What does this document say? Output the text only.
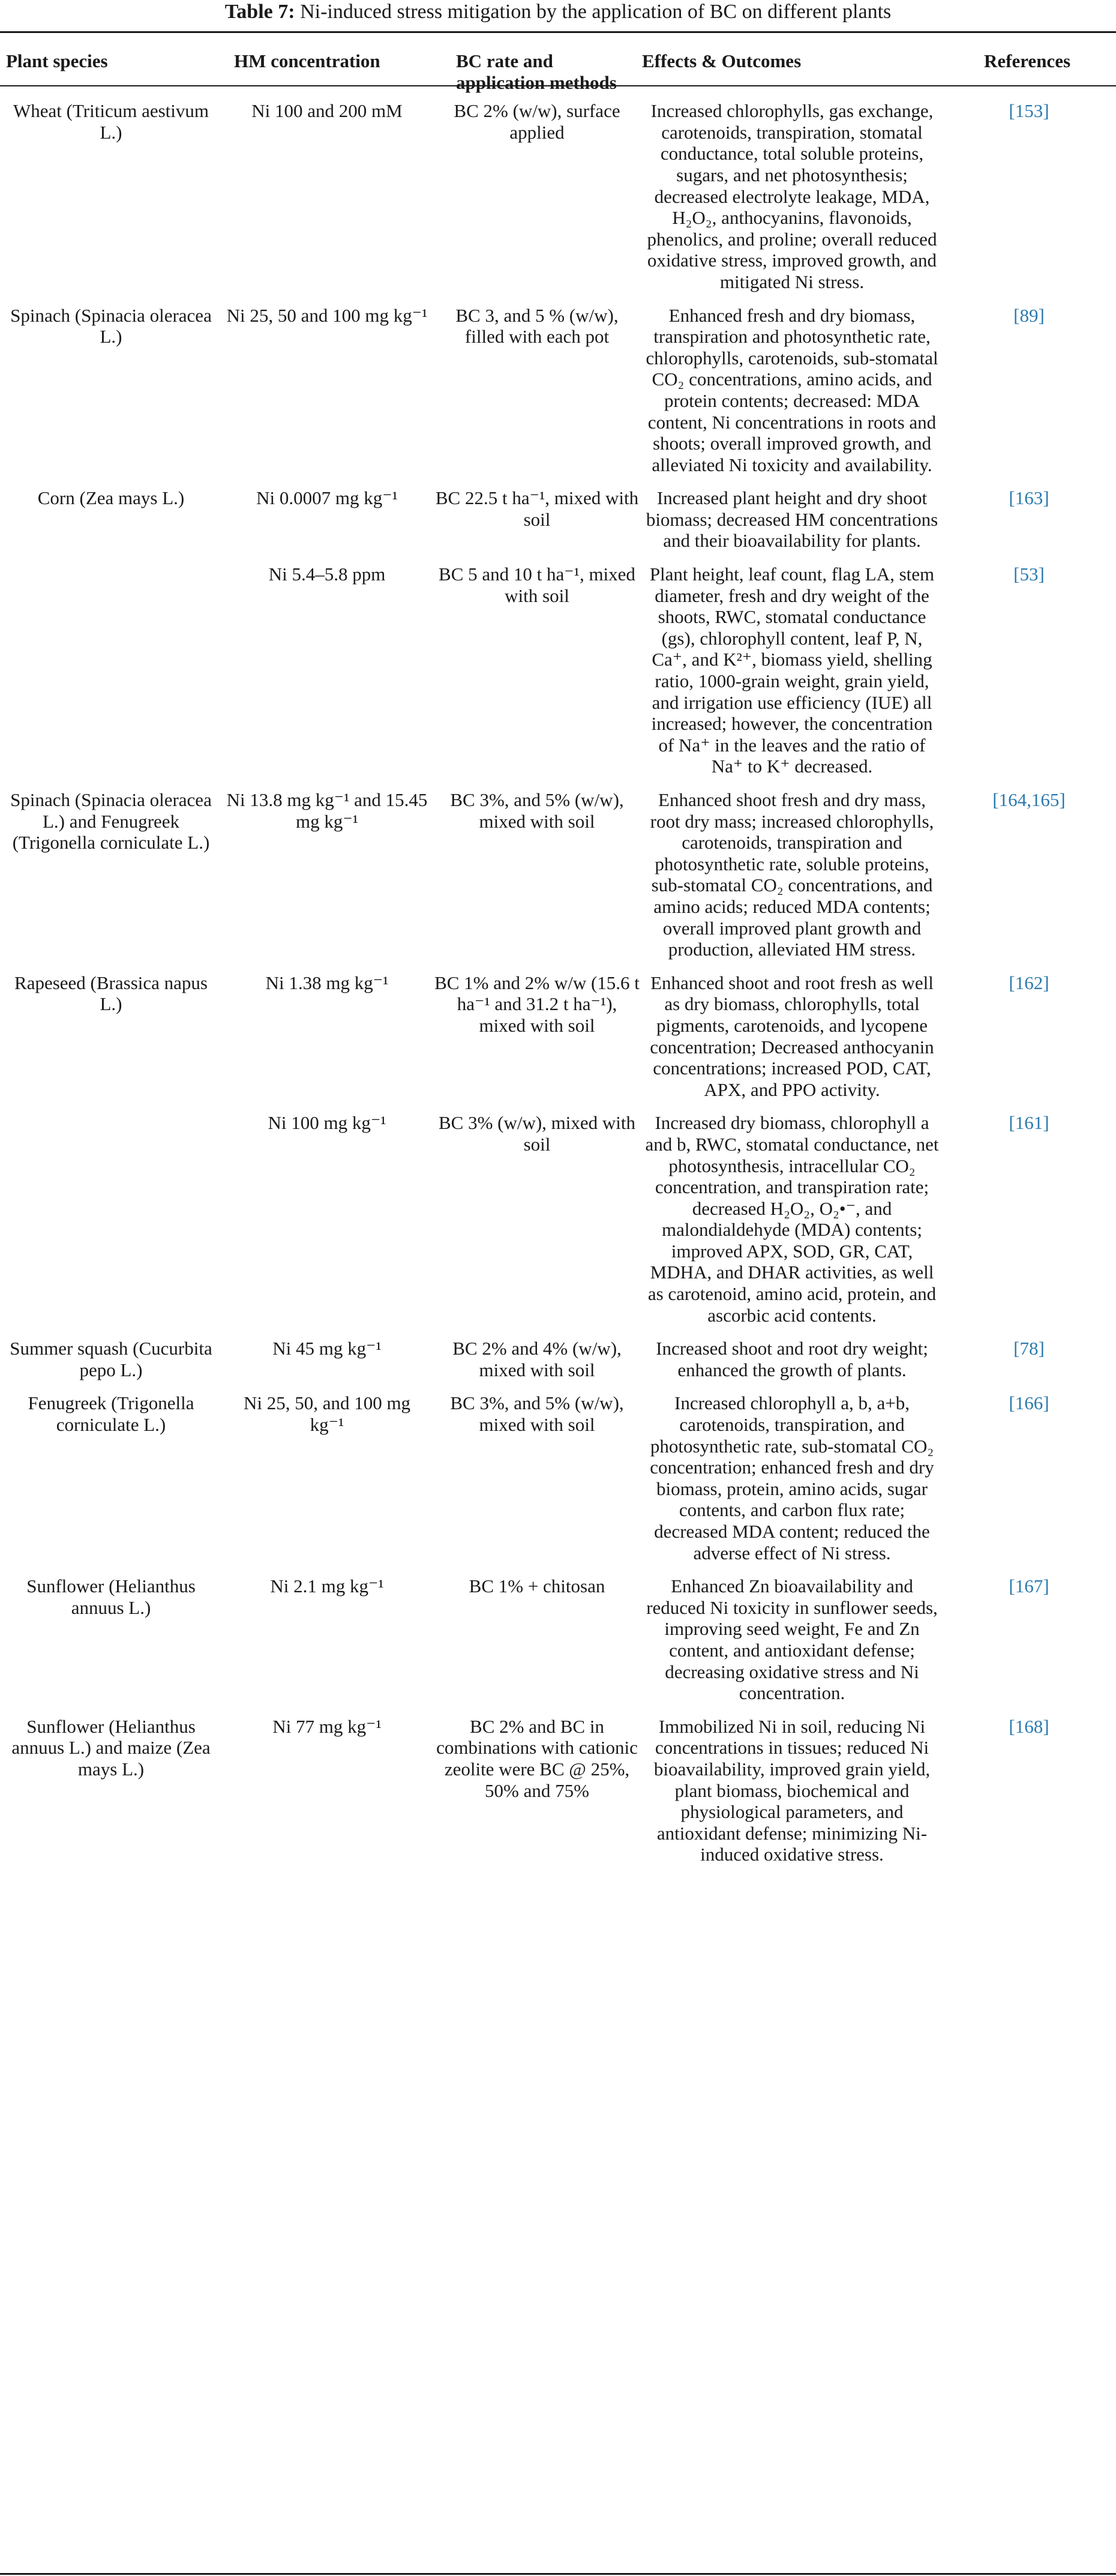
Table 7: Ni-induced stress mitigation by the application of BC on different plants
Plant species	HM concentration	BC rate and application methods	Effects & Outcomes	References
Wheat (Triticum aestivum L.)	Ni 100 and 200 mM	BC 2% (w/w), surface applied	Increased chlorophylls, gas exchange, carotenoids, transpiration, stomatal conductance, total soluble proteins, sugars, and net photosynthesis; decreased electrolyte leakage, MDA, H₂O₂, anthocyanins, flavonoids, phenolics, and proline; overall reduced oxidative stress, improved growth, and mitigated Ni stress.	[153]
Spinach (Spinacia oleracea L.)	Ni 25, 50 and 100 mg kg⁻¹	BC 3, and 5 % (w/w), filled with each pot	Enhanced fresh and dry biomass, transpiration and photosynthetic rate, chlorophylls, carotenoids, sub-stomatal CO₂ concentrations, amino acids, and protein contents; decreased: MDA content, Ni concentrations in roots and shoots; overall improved growth, and alleviated Ni toxicity and availability.	[89]
Corn (Zea mays L.)	Ni 0.0007 mg kg⁻¹	BC 22.5 t ha⁻¹, mixed with soil	Increased plant height and dry shoot biomass; decreased HM concentrations and their bioavailability for plants.	[163]
	Ni 5.4–5.8 ppm	BC 5 and 10 t ha⁻¹, mixed with soil	Plant height, leaf count, flag LA, stem diameter, fresh and dry weight of the shoots, RWC, stomatal conductance (gs), chlorophyll content, leaf P, N, Ca⁺, and K²⁺, biomass yield, shelling ratio, 1000-grain weight, grain yield, and irrigation use efficiency (IUE) all increased; however, the concentration of Na⁺ in the leaves and the ratio of Na⁺ to K⁺ decreased.	[53]
Spinach (Spinacia oleracea L.) and Fenugreek (Trigonella corniculate L.)	Ni 13.8 mg kg⁻¹ and 15.45 mg kg⁻¹	BC 3%, and 5% (w/w), mixed with soil	Enhanced shoot fresh and dry mass, root dry mass; increased chlorophylls, carotenoids, transpiration and photosynthetic rate, soluble proteins, sub-stomatal CO₂ concentrations, and amino acids; reduced MDA contents; overall improved plant growth and production, alleviated HM stress.	[164,165]
Rapeseed (Brassica napus L.)	Ni 1.38 mg kg⁻¹	BC 1% and 2% w/w (15.6 t ha⁻¹ and 31.2 t ha⁻¹), mixed with soil	Enhanced shoot and root fresh as well as dry biomass, chlorophylls, total pigments, carotenoids, and lycopene concentration; Decreased anthocyanin concentrations; increased POD, CAT, APX, and PPO activity.	[162]
	Ni 100 mg kg⁻¹	BC 3% (w/w), mixed with soil	Increased dry biomass, chlorophyll a and b, RWC, stomatal conductance, net photosynthesis, intracellular CO₂ concentration, and transpiration rate; decreased H₂O₂, O₂•⁻, and malondialdehyde (MDA) contents; improved APX, SOD, GR, CAT, MDHA, and DHAR activities, as well as carotenoid, amino acid, protein, and ascorbic acid contents.	[161]
Summer squash (Cucurbita pepo L.)	Ni 45 mg kg⁻¹	BC 2% and 4% (w/w), mixed with soil	Increased shoot and root dry weight; enhanced the growth of plants.	[78]
Fenugreek (Trigonella corniculate L.)	Ni 25, 50, and 100 mg kg⁻¹	BC 3%, and 5% (w/w), mixed with soil	Increased chlorophyll a, b, a+b, carotenoids, transpiration, and photosynthetic rate, sub-stomatal CO₂ concentration; enhanced fresh and dry biomass, protein, amino acids, sugar contents, and carbon flux rate; decreased MDA content; reduced the adverse effect of Ni stress.	[166]
Sunflower (Helianthus annuus L.)	Ni 2.1 mg kg⁻¹	BC 1% + chitosan	Enhanced Zn bioavailability and reduced Ni toxicity in sunflower seeds, improving seed weight, Fe and Zn content, and antioxidant defense; decreasing oxidative stress and Ni concentration.	[167]
Sunflower (Helianthus annuus L.) and maize (Zea mays L.)	Ni 77 mg kg⁻¹	BC 2% and BC in combinations with cationic zeolite were BC @ 25%, 50% and 75%	Immobilized Ni in soil, reducing Ni concentrations in tissues; reduced Ni bioavailability, improved grain yield, plant biomass, biochemical and physiological parameters, and antioxidant defense; minimizing Ni-induced oxidative stress.	[168]
